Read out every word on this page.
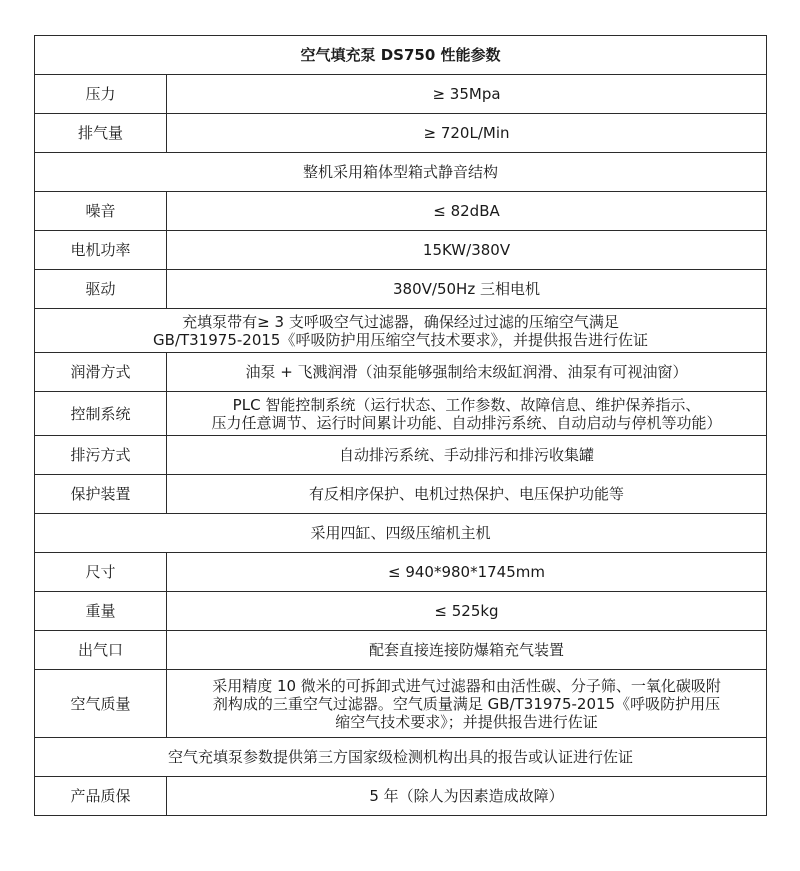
空气填充泵 DS750 性能参数	
压力	≥ 35Mpa
排气量	≥ 720L/Min
整机采用箱体型箱式静音结构	
噪音	≤ 82dBA
电机功率	15KW/380V
驱动	380V/50Hz 三相电机

充填泵带有≥ 3 支呼吸空气过滤器，确保经过过滤的压缩空气满足
GB/T31975-2015《呼吸防护用压缩空气技术要求》，并提供报告进行佐证	

润滑方式	油泵 + 飞溅润滑（油泵能够强制给末级缸润滑、油泵有可视油窗）
控制系统	PLC 智能控制系统（运行状态、工作参数、故障信息、维护保养指示、
压力任意调节、运行时间累计功能、自动排污系统、自动启动与停机等功能）

排污方式	自动排污系统、手动排污和排污收集罐
保护装置	有反相序保护、电机过热保护、电压保护功能等
采用四缸、四级压缩机主机	
尺寸	≤ 940*980*1745mm
重量	≤ 525kg
出气口	配套直接连接防爆箱充气装置
空气质量	采用精度 10 微米的可拆卸式进气过滤器和由活性碳、分子筛、一氧化碳吸附
剂构成的三重空气过滤器。空气质量满足 GB/T31975-2015《呼吸防护用压
缩空气技术要求》；并提供报告进行佐证

空气充填泵参数提供第三方国家级检测机构出具的报告或认证进行佐证	
产品质保	5 年（除人为因素造成故障）
